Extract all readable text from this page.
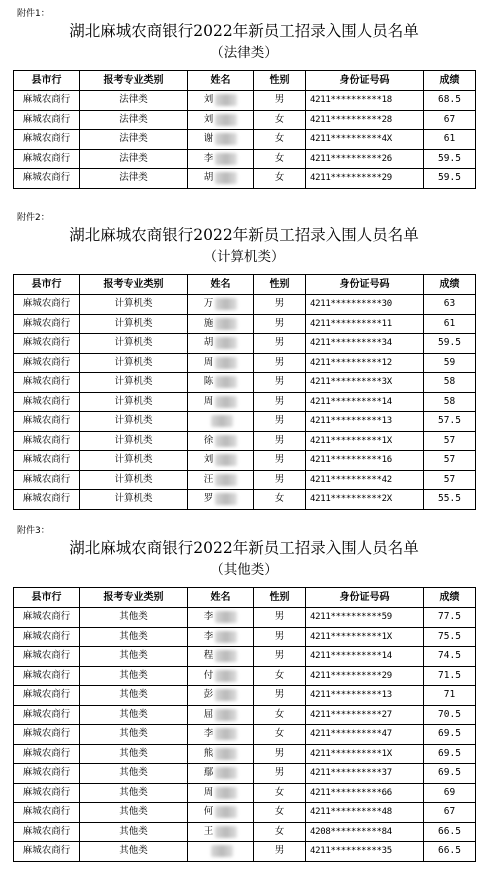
附件1：
湖北麻城农商银行2022年新员工招录入围人员名单
（法律类）
县市行	报考专业类别	姓名	性别	身份证号码	成绩
麻城农商行	法律类	刘	男	4211**********18	68.5
麻城农商行	法律类	刘	女	4211**********28	67
麻城农商行	法律类	谢	女	4211**********4X	61
麻城农商行	法律类	李	女	4211**********26	59.5
麻城农商行	法律类	胡	女	4211**********29	59.5
附件2：
湖北麻城农商银行2022年新员工招录入围人员名单
（计算机类）
县市行	报考专业类别	姓名	性别	身份证号码	成绩
麻城农商行	计算机类	万	男	4211**********30	63
麻城农商行	计算机类	施	男	4211**********11	61
麻城农商行	计算机类	胡	男	4211**********34	59.5
麻城农商行	计算机类	周	男	4211**********12	59
麻城农商行	计算机类	陈	男	4211**********3X	58
麻城农商行	计算机类	周	男	4211**********14	58
麻城农商行	计算机类		男	4211**********13	57.5
麻城农商行	计算机类	徐	男	4211**********1X	57
麻城农商行	计算机类	刘	男	4211**********16	57
麻城农商行	计算机类	汪	男	4211**********42	57
麻城农商行	计算机类	罗	女	4211**********2X	55.5
附件3：
湖北麻城农商银行2022年新员工招录入围人员名单
（其他类）
县市行	报考专业类别	姓名	性别	身份证号码	成绩
麻城农商行	其他类	李	男	4211**********59	77.5
麻城农商行	其他类	李	男	4211**********1X	75.5
麻城农商行	其他类	程	男	4211**********14	74.5
麻城农商行	其他类	付	女	4211**********29	71.5
麻城农商行	其他类	彭	男	4211**********13	71
麻城农商行	其他类	屈	女	4211**********27	70.5
麻城农商行	其他类	李	女	4211**********47	69.5
麻城农商行	其他类	熊	男	4211**********1X	69.5
麻城农商行	其他类	鄢	男	4211**********37	69.5
麻城农商行	其他类	周	女	4211**********66	69
麻城农商行	其他类	何	女	4211**********48	67
麻城农商行	其他类	王	女	4208**********84	66.5
麻城农商行	其他类		男	4211**********35	66.5
